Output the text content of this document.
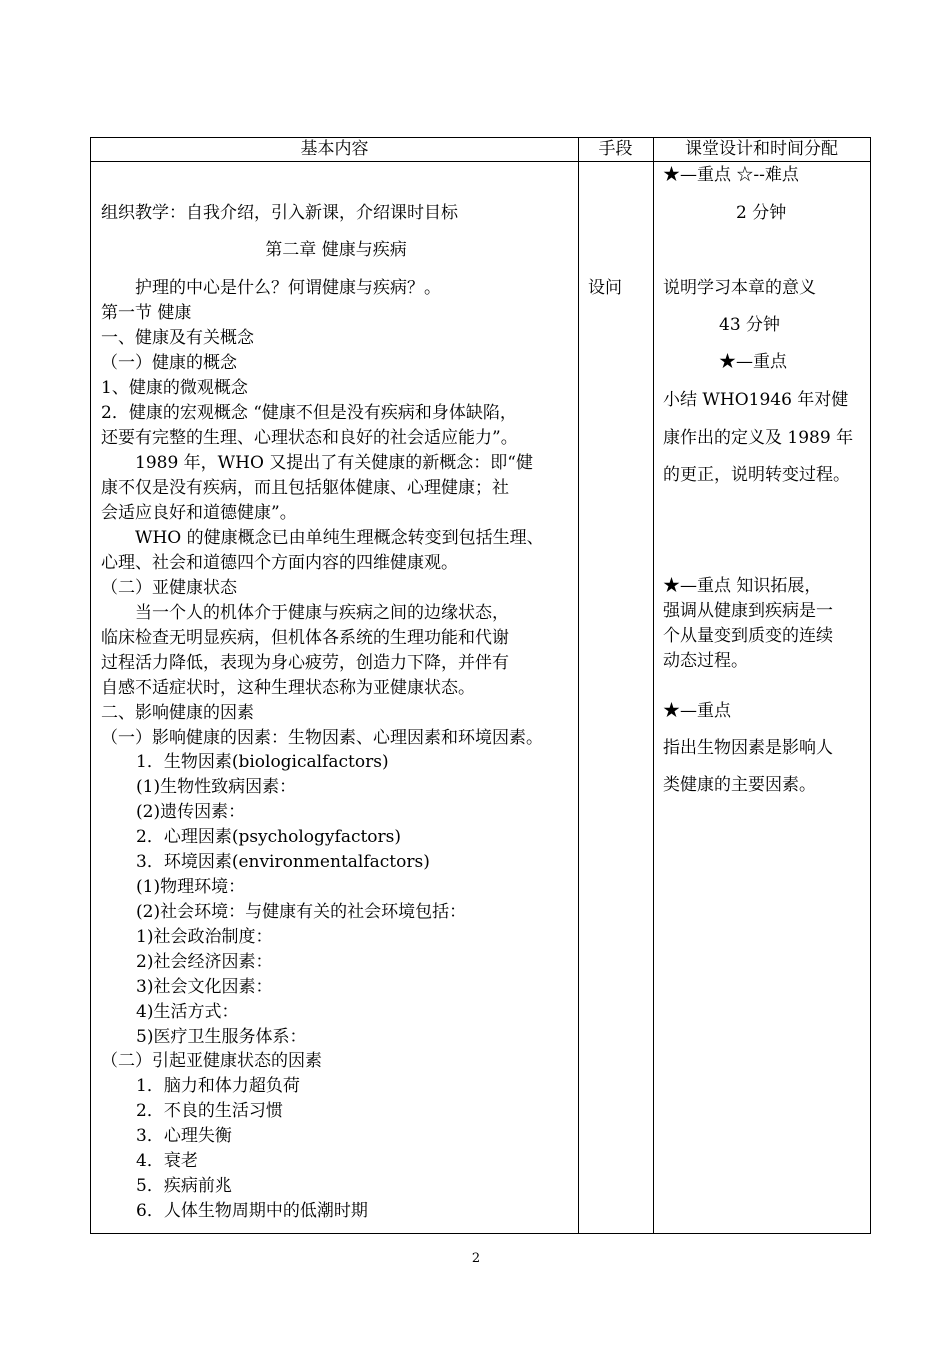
基本内容	手段	课堂设计和时间分配
组织教学：自我介绍，引入新课，介绍课时目标
第二章 健康与疾病
护理的中心是什么？何谓健康与疾病？。
第一节 健康
一、健康及有关概念
（一）健康的概念
1、健康的微观概念
2．健康的宏观概念 “健康不但是没有疾病和身体缺陷，
还要有完整的生理、心理状态和良好的社会适应能力”。
1989 年，WHO 又提出了有关健康的新概念：即“健
康不仅是没有疾病，而且包括躯体健康、心理健康；社
会适应良好和道德健康”。
WHO 的健康概念已由单纯生理概念转变到包括生理、
心理、社会和道德四个方面内容的四维健康观。
（二）亚健康状态
当一个人的机体介于健康与疾病之间的边缘状态，
临床检查无明显疾病，但机体各系统的生理功能和代谢
过程活力降低，表现为身心疲劳，创造力下降，并伴有
自感不适症状时，这种生理状态称为亚健康状态。
二、影响健康的因素
（一）影响健康的因素：生物因素、心理因素和环境因素。
1．生物因素(biologicalfactors)
(1)生物性致病因素：
(2)遗传因素：
2．心理因素(psychologyfactors)
3．环境因素(environmentalfactors)
(1)物理环境：
(2)社会环境：与健康有关的社会环境包括：
1)社会政治制度：
2)社会经济因素：
3)社会文化因素：
4)生活方式：
5)医疗卫生服务体系：
（二）引起亚健康状态的因素
1．脑力和体力超负荷
2．不良的生活习惯
3．心理失衡
4．衰老
5．疾病前兆
6．人体生物周期中的低潮时期
设问
★—重点 ☆--难点
2 分钟
说明学习本章的意义
43 分钟
★—重点
小结 WHO1946 年对健
康作出的定义及 1989 年
的更正，说明转变过程。
★—重点 知识拓展，
强调从健康到疾病是一
个从量变到质变的连续
动态过程。
★—重点
指出生物因素是影响人
类健康的主要因素。
2
